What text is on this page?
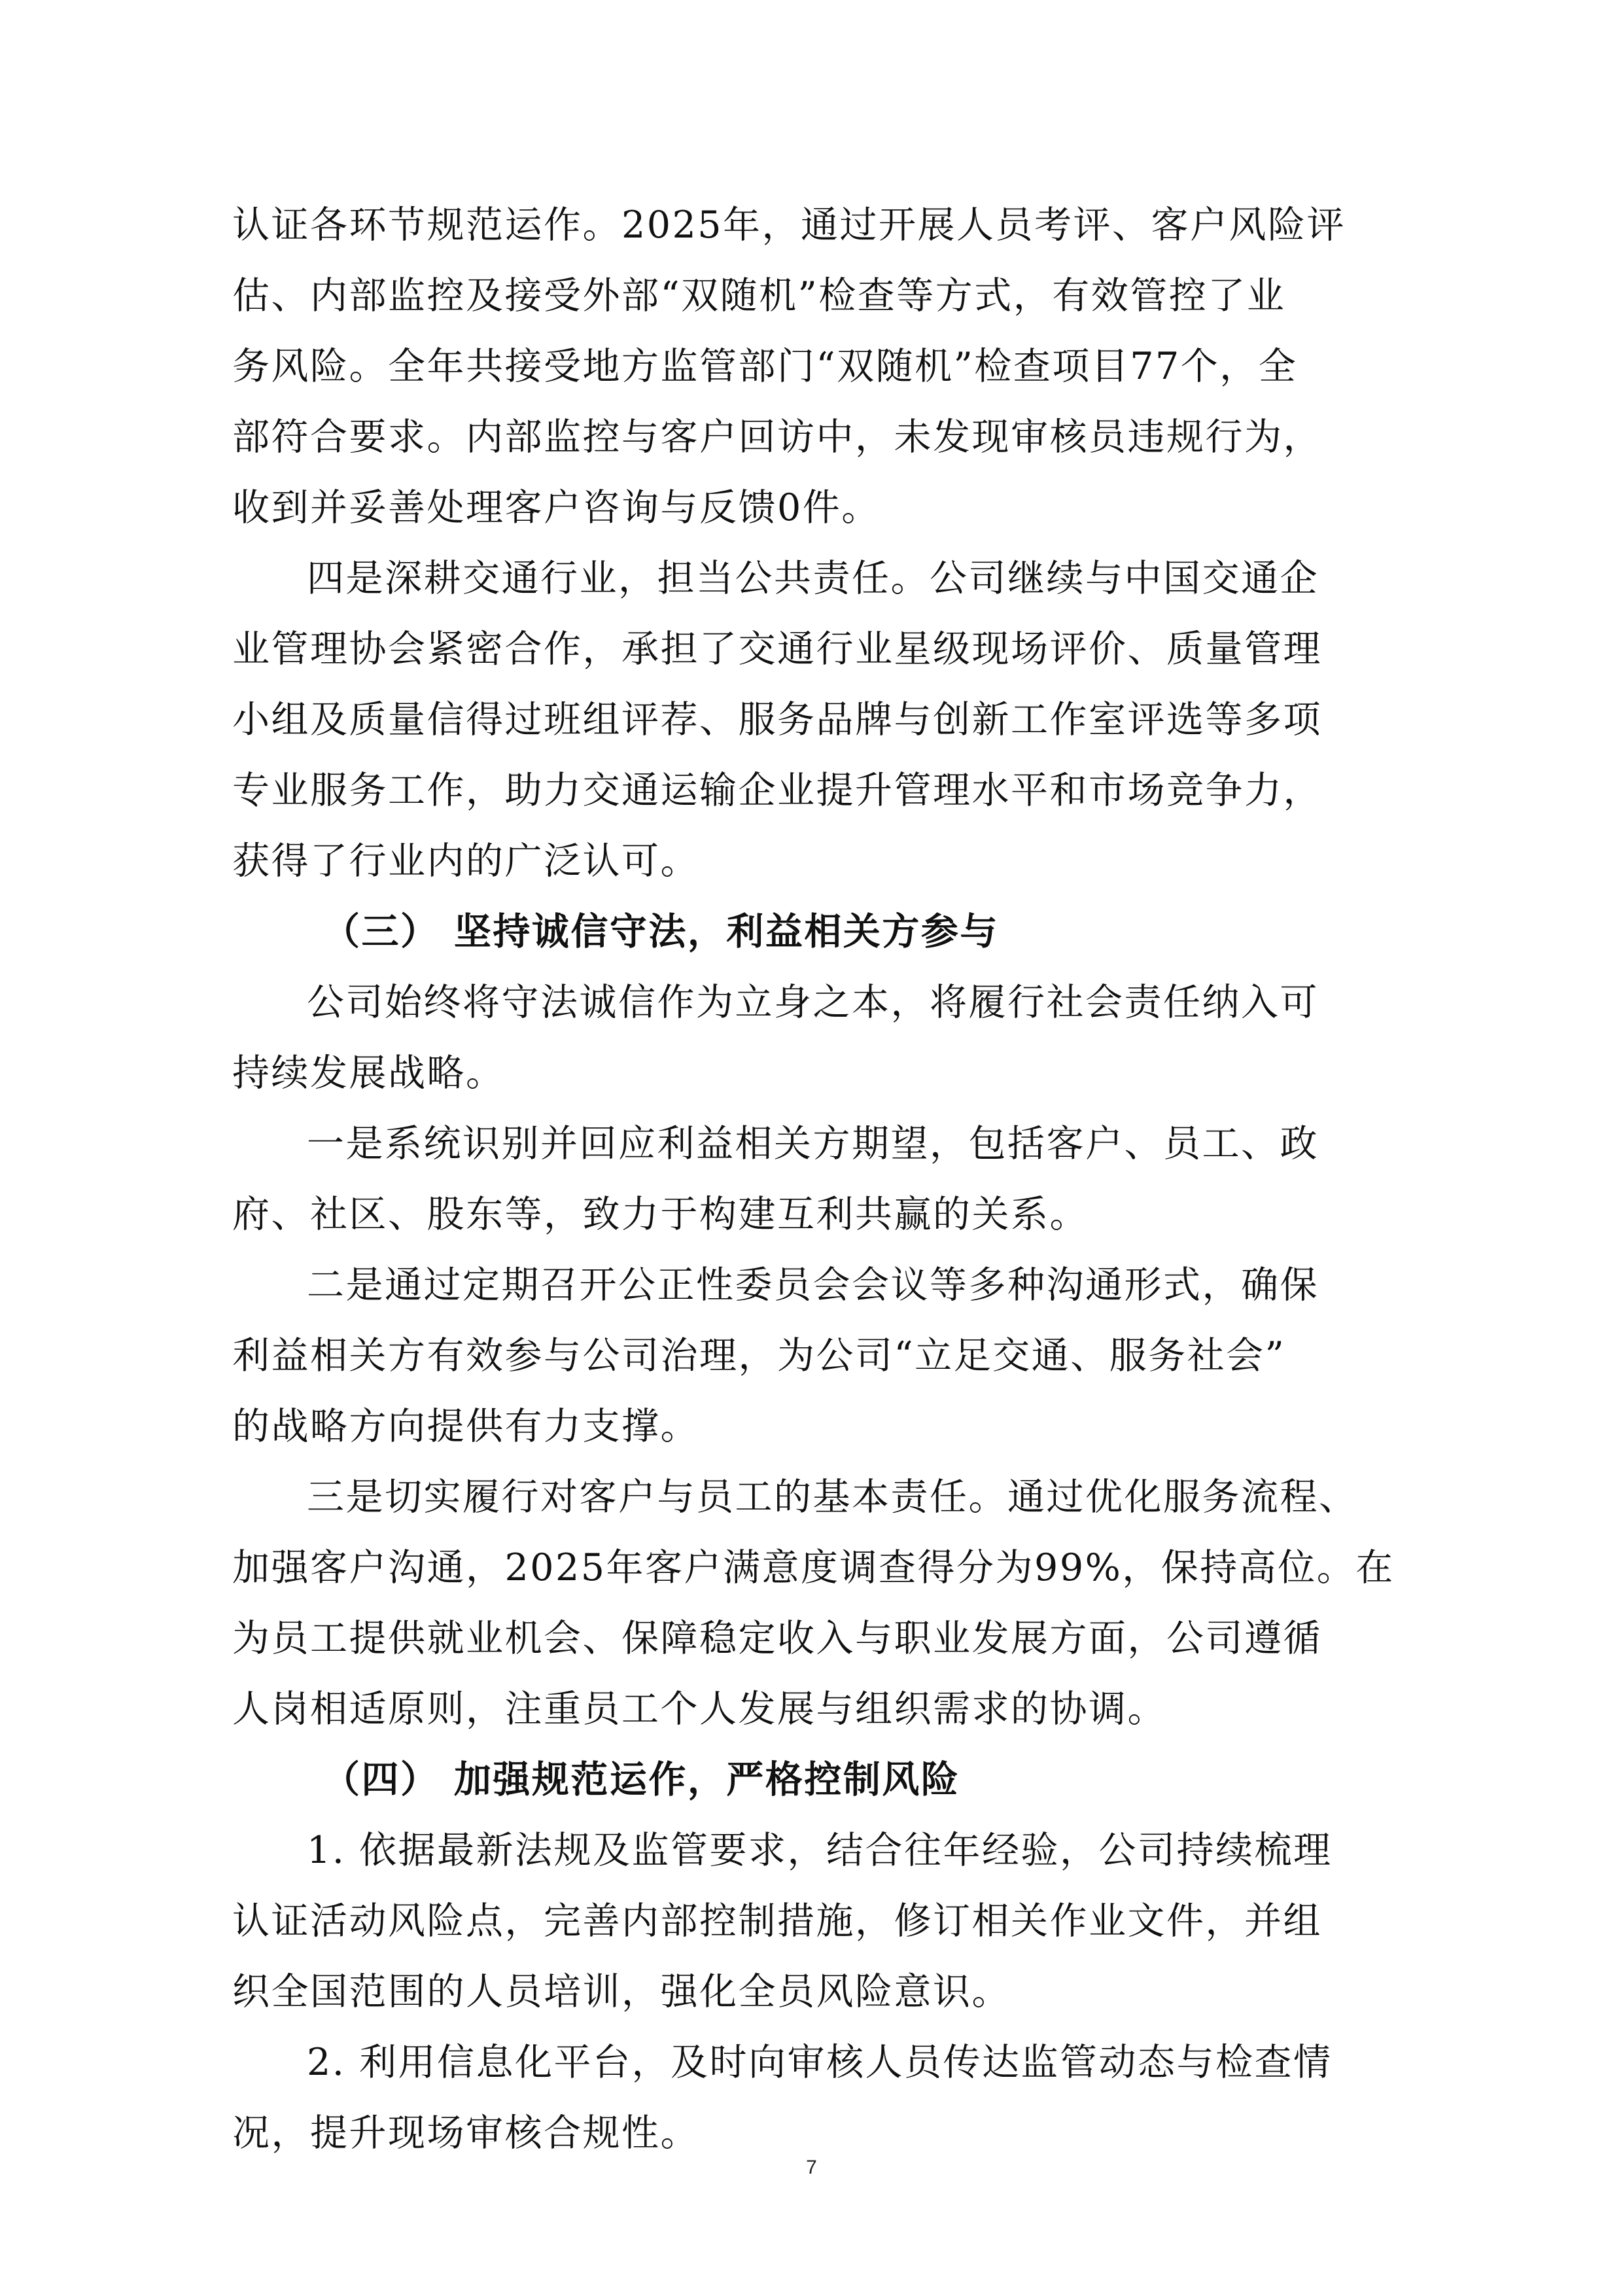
认证各环节规范运作。2025年，通过开展人员考评、客户风险评
估、内部监控及接受外部“双随机”检查等方式，有效管控了业
务风险。全年共接受地方监管部门“双随机”检查项目77个，全
部符合要求。内部监控与客户回访中，未发现审核员违规行为，
收到并妥善处理客户咨询与反馈0件。
四是深耕交通行业，担当公共责任。公司继续与中国交通企
业管理协会紧密合作，承担了交通行业星级现场评价、质量管理
小组及质量信得过班组评荐、服务品牌与创新工作室评选等多项
专业服务工作，助力交通运输企业提升管理水平和市场竞争力，
获得了行业内的广泛认可。
（三） 坚持诚信守法，利益相关方参与
公司始终将守法诚信作为立身之本，将履行社会责任纳入可
持续发展战略。
一是系统识别并回应利益相关方期望，包括客户、员工、政
府、社区、股东等，致力于构建互利共赢的关系。
二是通过定期召开公正性委员会会议等多种沟通形式，确保
利益相关方有效参与公司治理，为公司“立足交通、服务社会”
的战略方向提供有力支撑。
三是切实履行对客户与员工的基本责任。通过优化服务流程、
加强客户沟通，2025年客户满意度调查得分为99%，保持高位。在
为员工提供就业机会、保障稳定收入与职业发展方面，公司遵循
人岗相适原则，注重员工个人发展与组织需求的协调。
（四） 加强规范运作，严格控制风险
1. 依据最新法规及监管要求，结合往年经验，公司持续梳理
认证活动风险点，完善内部控制措施，修订相关作业文件，并组
织全国范围的人员培训，强化全员风险意识。
2. 利用信息化平台，及时向审核人员传达监管动态与检查情
况，提升现场审核合规性。
7
